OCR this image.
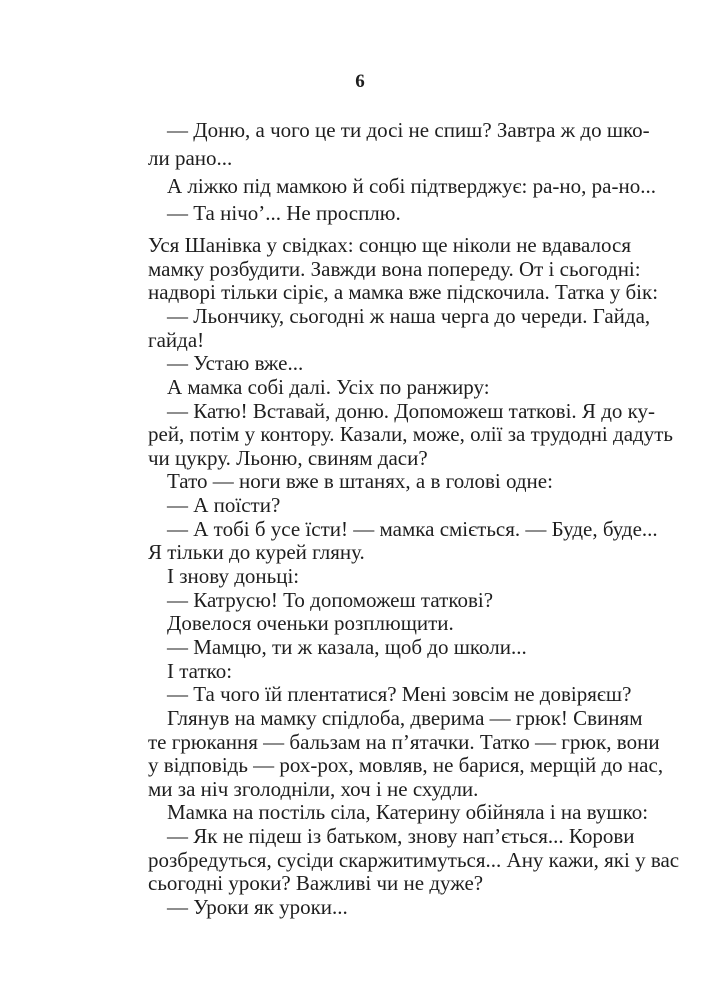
6

— Доню, а чого це ти досі не спиш? Завтра ж до шко-

ли рано...

А ліжко під мамкою й собі підтверджує: ра-но, ра-но...

— Та нічо’... Не просплю.

Уся Шанівка у свідках: сонцю ще ніколи не вдавалося

мамку розбудити. Завжди вона попереду. От і сьогодні:

надворі тільки сіріє, а мамка вже підскочила. Татка у бік:

— Льончику, сьогодні ж наша черга до череди. Гайда,

гайда!

— Устаю вже...

А мамка собі далі. Усіх по ранжиру:

— Катю! Вставай, доню. Допоможеш таткові. Я до ку-

рей, потім у контору. Казали, може, олії за трудодні дадуть

чи цукру. Льоню, свиням даси?

Тато — ноги вже в штанях, а в голові одне:

— А поїсти?

— А тобі б усе їсти! — мамка сміється. — Буде, буде...

Я тільки до курей гляну.

І знову доньці:

— Катрусю! То допоможеш таткові?

Довелося оченьки розплющити.

— Мамцю, ти ж казала, щоб до школи...

І татко:

— Та чого їй плентатися? Мені зовсім не довіряєш?

Глянув на мамку спідлоба, дверима — грюк! Свиням

те грюкання — бальзам на п’ятачки. Татко — грюк, вони

у відповідь — рох-рох, мовляв, не барися, мерщій до нас,

ми за ніч зголодніли, хоч і не схудли.

Мамка на постіль сіла, Катерину обійняла і на вушко:

— Як не підеш із батьком, знову нап’ється... Корови

розбредуться, сусіди скаржитимуться... Ану кажи, які у вас

сьогодні уроки? Важливі чи не дуже?

— Уроки як уроки...
